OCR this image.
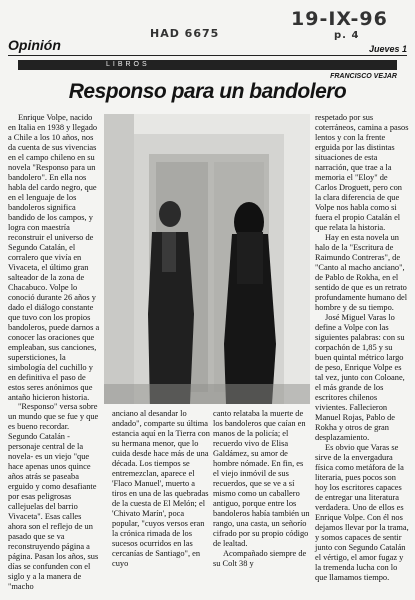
HAD 6675
19-IX-96
p. 4
Opinión	Jueves 1
LIBROS
FRANCISCO VEJAR
Responso para un bandolero

Enrique Volpe, nacido en Italia en 1938 y llegado a Chile a los 10 años, nos da cuenta de sus vivencias en el campo chileno en su novela "Responso para un bandolero". En ella nos habla del cardo negro, que en el lenguaje de los bandoleros significa bandido de los campos, y logra con maestría reconstruir el universo de Segundo Catalán, el corralero que vivía en Vivaceta, el último gran salteador de la zona de Chacabuco. Volpe lo conoció durante 26 años y dado el diálogo constante que tuvo con los propios bandoleros, puede darnos a conocer las oraciones que empleaban, sus canciones, supersticiones, la simbología del cuchillo y en definitiva el paso de estos seres anónimos que antaño hicieron historia.

"Responso" versa sobre un mundo que se fue y que es bueno recordar. Segundo Catalán -personaje central de la novela- es un viejo "que hace apenas unos quince años atrás se paseaba erguido y como desafiante por esas peligrosas callejuelas del barrio Vivaceta". Esas calles ahora son el reflejo de un pasado que se va reconstruyendo página a página. Pasan los años, sus días se confunden con el siglo y a la manera de "macho

anciano al desandar lo andado", comparte su última estancia aquí en la Tierra con su hermana menor, que lo cuida desde hace más de una década. Los tiempos se entremezclan, aparece el 'Flaco Manuel', muerto a tiros en una de las quebradas de la cuesta de El Melón; el 'Chivato Marín', poca popular, "cuyos versos eran la crónica rimada de los sucesos ocurridos en las cercanías de Santiago", en cuyo

canto relataba la muerte de los bandoleros que caían en manos de la policía; el recuerdo vivo de Elisa Galdámez, su amor de hombre nómade. En fin, es el viejo inmóvil de sus recuerdos, que se ve a sí mismo como un caballero antiguo, porque entre los bandoleros había también un rango, una casta, un señorío cifrado por su propio código de lealtad.

Acompañado siempre de su Colt 38 y

respetado por sus coterráneos, camina a pasos lentos y con la frente erguida por las distintas situaciones de esta narración, que trae a la memoria el "Eloy" de Carlos Droguett, pero con la clara diferencia de que Volpe nos habla como si fuera el propio Catalán el que relata la historia.

Hay en esta novela un halo de la "Escritura de Raimundo Contreras", de "Canto al macho anciano", de Pablo de Rokha, en el sentido de que es un retrato profundamente humano del hombre y de su tiempo.

José Miguel Varas lo define a Volpe con las siguientes palabras: con su corpachón de 1,85 y su buen quintal métrico largo de peso, Enrique Volpe es tal vez, junto con Coloane, el más grande de los escritores chilenos vivientes. Fallecieron Manuel Rojas, Pablo de Rokha y otros de gran desplazamiento.

Es obvio que Varas se sirve de la envergadura física como metáfora de la literaria, pues pocos son hoy los escritores capaces de entregar una literatura verdadera. Uno de ellos es Enrique Volpe. Con él nos dejamos llevar por la trama, y somos capaces de sentir junto con Segundo Catalán el vértigo, el amor fugaz y la tremenda lucha con lo que llamamos tiempo.
